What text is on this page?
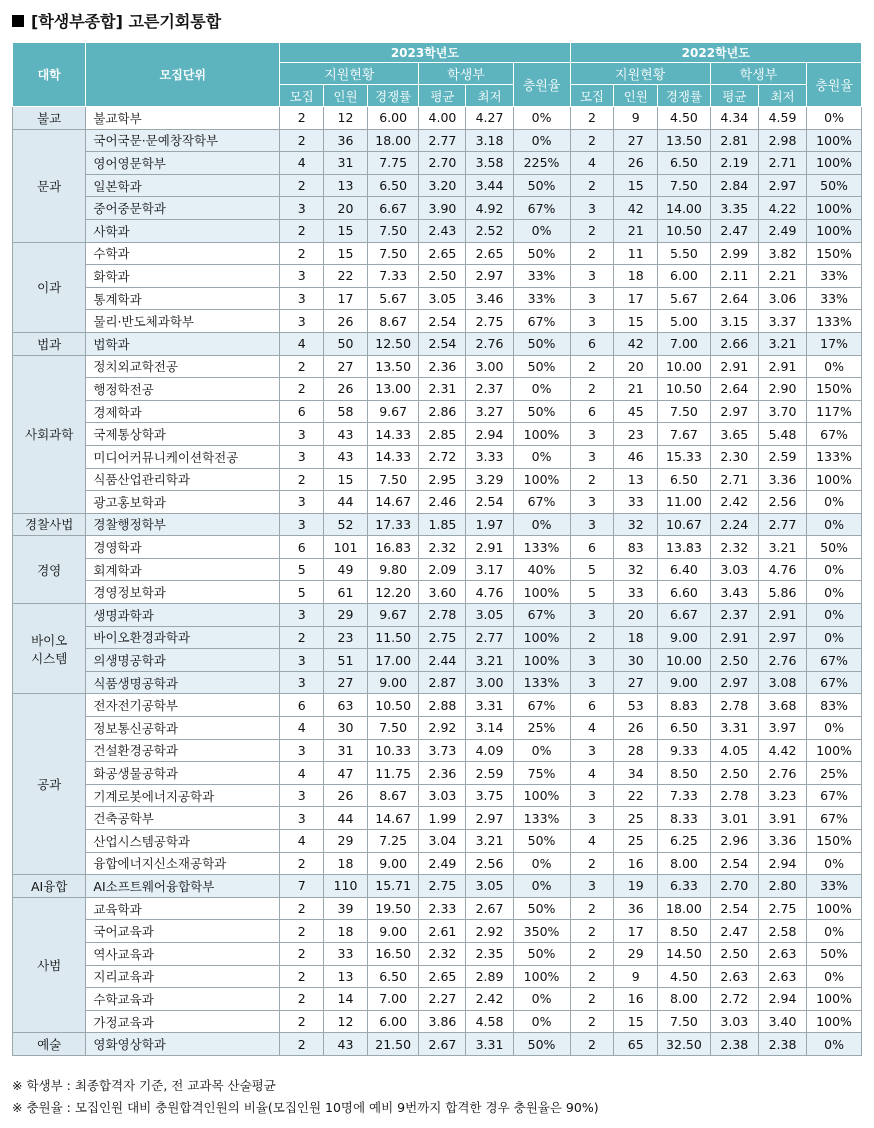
[학생부종합] 고른기회통합
대학	모집단위	2023학년도						2022학년도					
		지원현황			학생부		충원율	지원현황			학생부		충원율
		모집	인원	경쟁률	평균	최저		모집	인원	경쟁률	평균	최저	
불교	불교학부	2	12	6.00	4.00	4.27	0%	2	9	4.50	4.34	4.59	0%
문과	국어국문·문예창작학부	2	36	18.00	2.77	3.18	0%	2	27	13.50	2.81	2.98	100%
	영어영문학부	4	31	7.75	2.70	3.58	225%	4	26	6.50	2.19	2.71	100%
	일본학과	2	13	6.50	3.20	3.44	50%	2	15	7.50	2.84	2.97	50%
	중어중문학과	3	20	6.67	3.90	4.92	67%	3	42	14.00	3.35	4.22	100%
	사학과	2	15	7.50	2.43	2.52	0%	2	21	10.50	2.47	2.49	100%
이과	수학과	2	15	7.50	2.65	2.65	50%	2	11	5.50	2.99	3.82	150%
	화학과	3	22	7.33	2.50	2.97	33%	3	18	6.00	2.11	2.21	33%
	통계학과	3	17	5.67	3.05	3.46	33%	3	17	5.67	2.64	3.06	33%
	물리·반도체과학부	3	26	8.67	2.54	2.75	67%	3	15	5.00	3.15	3.37	133%
법과	법학과	4	50	12.50	2.54	2.76	50%	6	42	7.00	2.66	3.21	17%
사회과학	정치외교학전공	2	27	13.50	2.36	3.00	50%	2	20	10.00	2.91	2.91	0%
	행정학전공	2	26	13.00	2.31	2.37	0%	2	21	10.50	2.64	2.90	150%
	경제학과	6	58	9.67	2.86	3.27	50%	6	45	7.50	2.97	3.70	117%
	국제통상학과	3	43	14.33	2.85	2.94	100%	3	23	7.67	3.65	5.48	67%
	미디어커뮤니케이션학전공	3	43	14.33	2.72	3.33	0%	3	46	15.33	2.30	2.59	133%
	식품산업관리학과	2	15	7.50	2.95	3.29	100%	2	13	6.50	2.71	3.36	100%
	광고홍보학과	3	44	14.67	2.46	2.54	67%	3	33	11.00	2.42	2.56	0%
경찰사법	경찰행정학부	3	52	17.33	1.85	1.97	0%	3	32	10.67	2.24	2.77	0%
경영	경영학과	6	101	16.83	2.32	2.91	133%	6	83	13.83	2.32	3.21	50%
	회계학과	5	49	9.80	2.09	3.17	40%	5	32	6.40	3.03	4.76	0%
	경영정보학과	5	61	12.20	3.60	4.76	100%	5	33	6.60	3.43	5.86	0%
바이오
시스템	생명과학과	3	29	9.67	2.78	3.05	67%	3	20	6.67	2.37	2.91	0%
	바이오환경과학과	2	23	11.50	2.75	2.77	100%	2	18	9.00	2.91	2.97	0%
	의생명공학과	3	51	17.00	2.44	3.21	100%	3	30	10.00	2.50	2.76	67%
	식품생명공학과	3	27	9.00	2.87	3.00	133%	3	27	9.00	2.97	3.08	67%
공과	전자전기공학부	6	63	10.50	2.88	3.31	67%	6	53	8.83	2.78	3.68	83%
	정보통신공학과	4	30	7.50	2.92	3.14	25%	4	26	6.50	3.31	3.97	0%
	건설환경공학과	3	31	10.33	3.73	4.09	0%	3	28	9.33	4.05	4.42	100%
	화공생물공학과	4	47	11.75	2.36	2.59	75%	4	34	8.50	2.50	2.76	25%
	기계로봇에너지공학과	3	26	8.67	3.03	3.75	100%	3	22	7.33	2.78	3.23	67%
	건축공학부	3	44	14.67	1.99	2.97	133%	3	25	8.33	3.01	3.91	67%
	산업시스템공학과	4	29	7.25	3.04	3.21	50%	4	25	6.25	2.96	3.36	150%
	융합에너지신소재공학과	2	18	9.00	2.49	2.56	0%	2	16	8.00	2.54	2.94	0%
AI융합	AI소프트웨어융합학부	7	110	15.71	2.75	3.05	0%	3	19	6.33	2.70	2.80	33%
사범	교육학과	2	39	19.50	2.33	2.67	50%	2	36	18.00	2.54	2.75	100%
	국어교육과	2	18	9.00	2.61	2.92	350%	2	17	8.50	2.47	2.58	0%
	역사교육과	2	33	16.50	2.32	2.35	50%	2	29	14.50	2.50	2.63	50%
	지리교육과	2	13	6.50	2.65	2.89	100%	2	9	4.50	2.63	2.63	0%
	수학교육과	2	14	7.00	2.27	2.42	0%	2	16	8.00	2.72	2.94	100%
	가정교육과	2	12	6.00	3.86	4.58	0%	2	15	7.50	3.03	3.40	100%
예술	영화영상학과	2	43	21.50	2.67	3.31	50%	2	65	32.50	2.38	2.38	0%
※ 학생부 : 최종합격자 기준, 전 교과목 산술평균
※ 충원율 : 모집인원 대비 충원합격인원의 비율(모집인원 10명에 예비 9번까지 합격한 경우 충원율은 90%)
